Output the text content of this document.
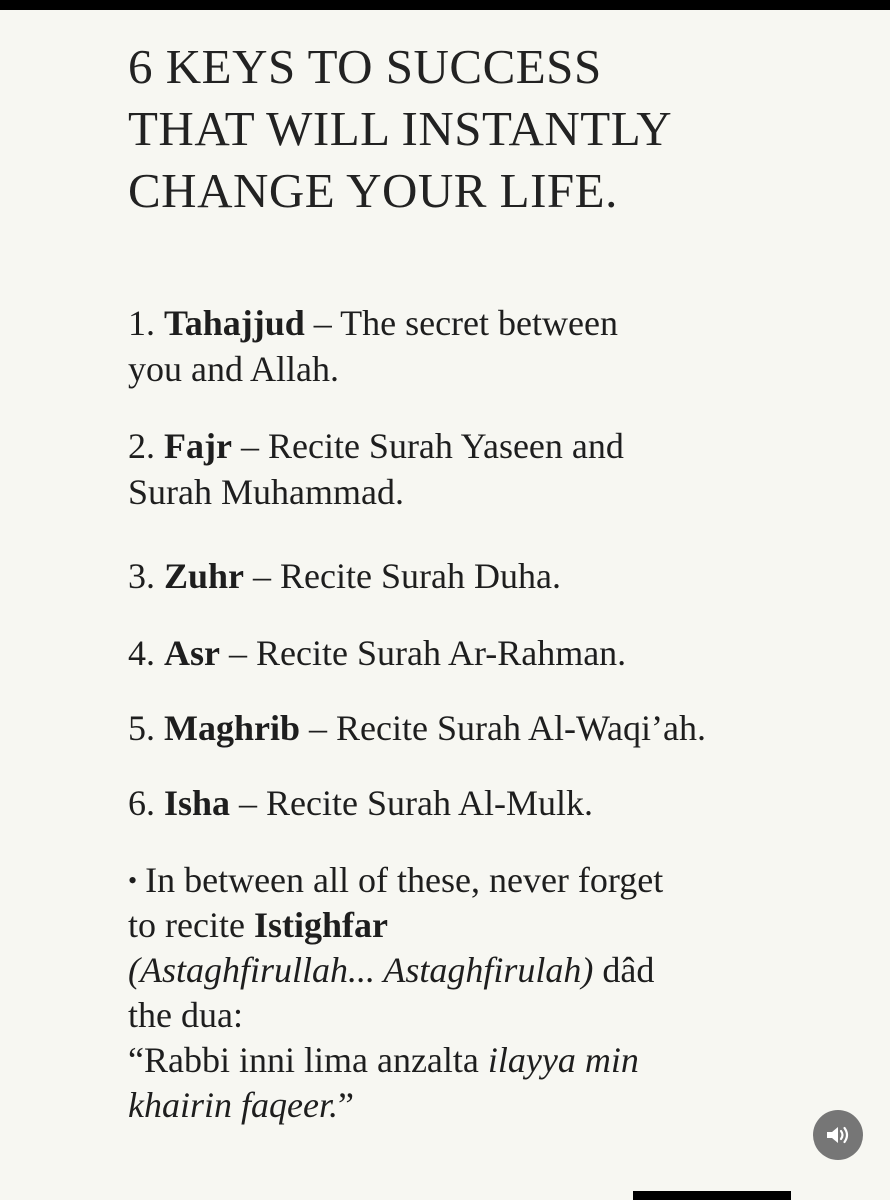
6 KEYS TO SUCCESS
THAT WILL INSTANTLY
CHANGE YOUR LIFE.

1. Tahajjud – The secret between
you and Allah.

2. Fajr – Recite Surah Yaseen and
Surah Muhammad.

3. Zuhr – Recite Surah Duha.

4. Asr – Recite Surah Ar-Rahman.

5. Maghrib – Recite Surah Al-Waqi’ah.

6. Isha – Recite Surah Al-Mulk.

• In between all of these, never forget
to recite Istighfar
(Astaghfirullah... Astaghfirulah) dâd
the dua:
“Rabbi inni lima anzalta ilayya min
khairin faqeer.”
